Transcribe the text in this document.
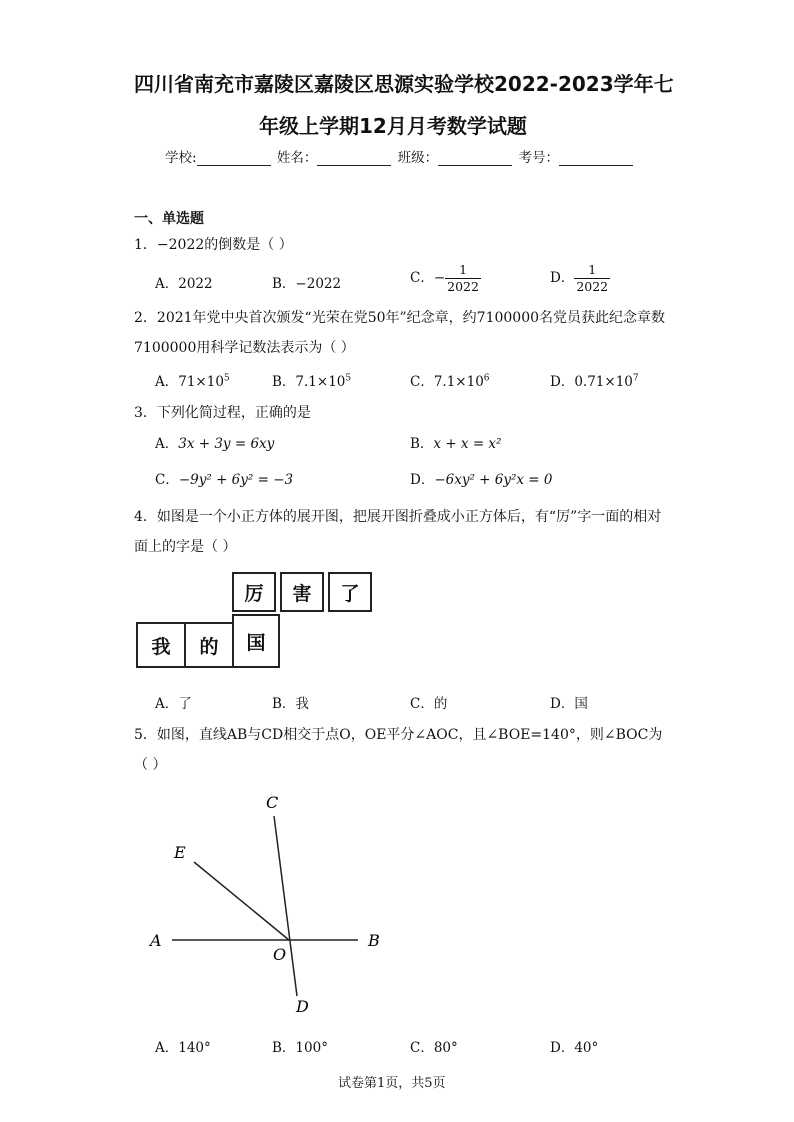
四川省南充市嘉陵区嘉陵区思源实验学校2022-2023学年七
年级上学期12月月考数学试题
学校:	姓名：	班级：	考号：
一、单选题
1．−2022的倒数是（ ）
A．2022	B．−2022	C．− $\frac{1}{2022}$	D． $\frac{1}{2022}$
2．2021年党中央首次颁发“光荣在党50年”纪念章，约7100000名党员获此纪念章数
7100000用科学记数法表示为（ ）
A．$71\times 10^5$	B．$7.1\times 10^5$	C．$7.1\times 10^6$	D．$0.71\times 10^7$
3．下列化简过程，正确的是
A．3x + 3y = 6xy	B．x + x = x²
C．−9y² + 6y² = −3	D．−6xy² + 6y²x = 0
4．如图是一个小正方体的展开图，把展开图折叠成小正方体后，有“厉”字一面的相对
面上的字是（ ）
厉	害	了
我	的	国
A．了	B．我	C．的	D．国
5．如图，直线AB与CD相交于点O，OE平分∠AOC，且∠BOE=140°，则∠BOC为
（ ）
A	B
C
D
E
O
A．140°	B．100°	C．80°	D．40°
试卷第1页，共5页
